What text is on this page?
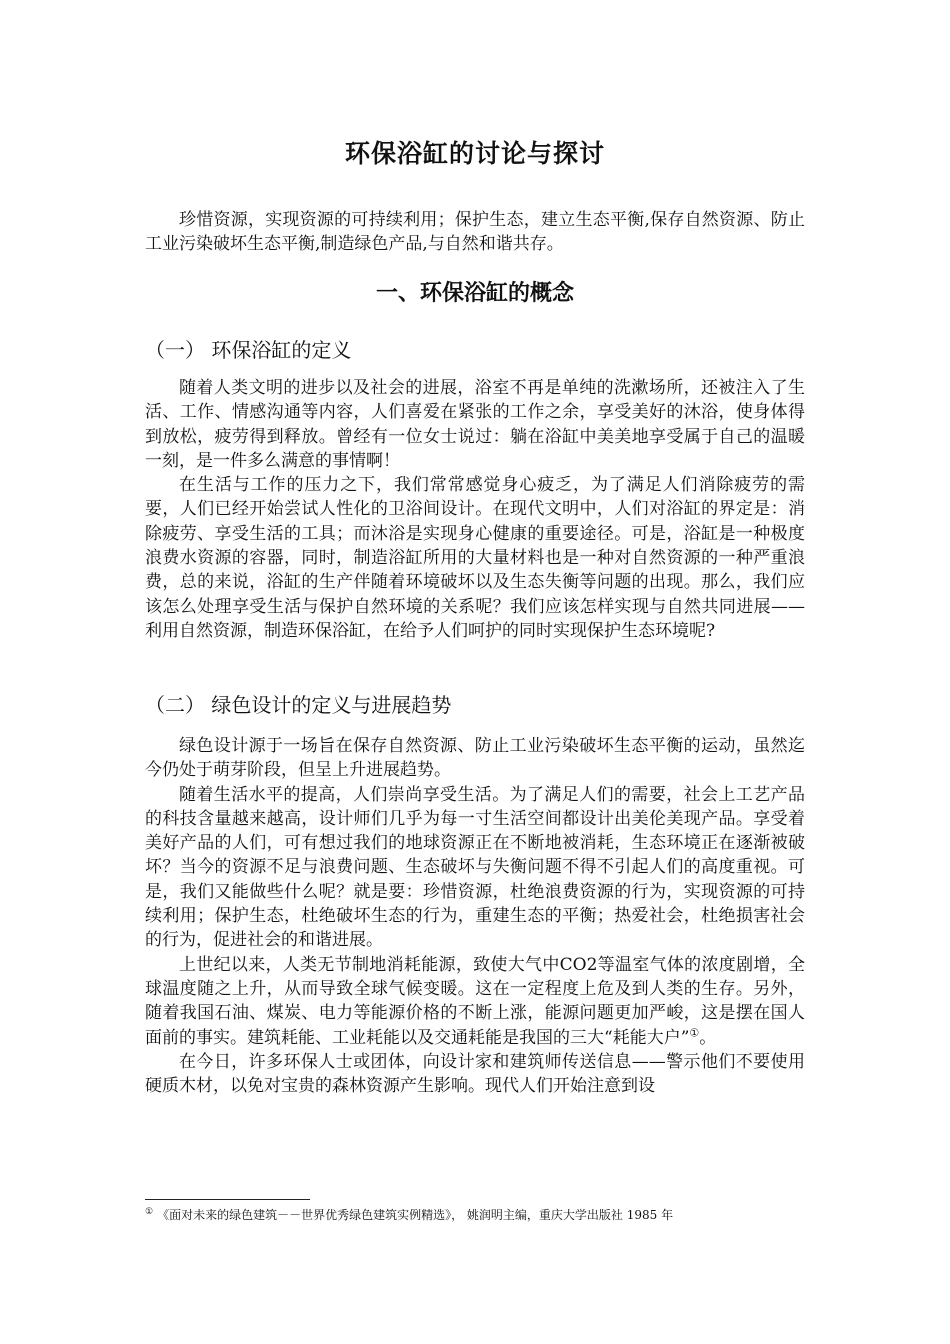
环保浴缸的讨论与探讨

珍惜资源，实现资源的可持续利用；保护生态，建立生态平衡,保存自然资源、防止工业污染破坏生态平衡,制造绿色产品,与自然和谐共存。

一、环保浴缸的概念
（一） 环保浴缸的定义

随着人类文明的进步以及社会的进展，浴室不再是单纯的洗漱场所，还被注入了生活、工作、情感沟通等内容，人们喜爱在紧张的工作之余，享受美好的沐浴，使身体得到放松，疲劳得到释放。曾经有一位女士说过：躺在浴缸中美美地享受属于自己的温暖一刻，是一件多么满意的事情啊！

在生活与工作的压力之下，我们常常感觉身心疲乏，为了满足人们消除疲劳的需要，人们已经开始尝试人性化的卫浴间设计。在现代文明中，人们对浴缸的界定是：消除疲劳、享受生活的工具；而沐浴是实现身心健康的重要途径。可是，浴缸是一种极度浪费水资源的容器，同时，制造浴缸所用的大量材料也是一种对自然资源的一种严重浪费，总的来说，浴缸的生产伴随着环境破坏以及生态失衡等问题的出现。那么，我们应该怎么处理享受生活与保护自然环境的关系呢？我们应该怎样实现与自然共同进展——利用自然资源，制造环保浴缸，在给予人们呵护的同时实现保护生态环境呢?

（二） 绿色设计的定义与进展趋势

绿色设计源于一场旨在保存自然资源、防止工业污染破坏生态平衡的运动，虽然迄今仍处于萌芽阶段，但呈上升进展趋势。

随着生活水平的提高，人们崇尚享受生活。为了满足人们的需要，社会上工艺产品的科技含量越来越高，设计师们几乎为每一寸生活空间都设计出美伦美现产品。享受着美好产品的人们，可有想过我们的地球资源正在不断地被消耗，生态环境正在逐渐被破坏？当今的资源不足与浪费问题、生态破坏与失衡问题不得不引起人们的高度重视。可是，我们又能做些什么呢？就是要：珍惜资源，杜绝浪费资源的行为，实现资源的可持续利用；保护生态，杜绝破坏生态的行为，重建生态的平衡；热爱社会，杜绝损害社会的行为，促进社会的和谐进展。

上世纪以来，人类无节制地消耗能源，致使大气中CO2等温室气体的浓度剧增，全球温度随之上升，从而导致全球气候变暖。这在一定程度上危及到人类的生存。另外，随着我国石油、煤炭、电力等能源价格的不断上涨，能源问题更加严峻，这是摆在国人面前的事实。建筑耗能、工业耗能以及交通耗能是我国的三大“耗能大户”①。

在今日，许多环保人士或团体，向设计家和建筑师传送信息——警示他们不要使用硬质木材，以免对宝贵的森林资源产生影响。现代人们开始注意到设

① 《面对未来的绿色建筑－－世界优秀绿色建筑实例精选》， 姚润明主编，重庆大学出版社 1985 年
